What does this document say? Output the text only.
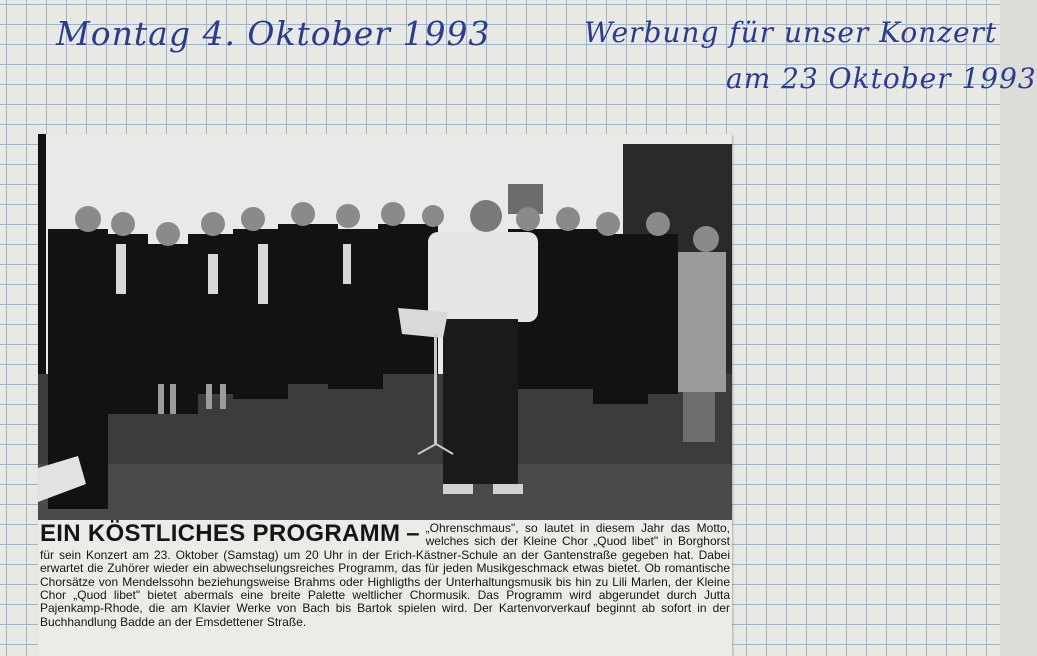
Montag 4. Oktober 1993	Werbung für unser Konzert
am 23 Oktober 1993
EIN KÖSTLICHES PROGRAMM – „Ohrenschmaus", so lautet in diesem Jahr das Motto, welches sich der Kleine Chor „Quod libet" in Borghorst für sein Konzert am 23. Oktober (Samstag) um 20 Uhr in der Erich-Kästner-Schule an der Gantenstraße gegeben hat. Dabei erwartet die Zuhörer wieder ein abwechselungsreiches Programm, das für jeden Musikgeschmack etwas bietet. Ob romantische Chorsätze von Mendelssohn beziehungsweise Brahms oder Highligths der Unterhaltungsmusik bis hin zu Lili Marlen, der Kleine Chor „Quod libet" bietet abermals eine breite Palette weltlicher Chormusik. Das Programm wird abgerundet durch Jutta Pajenkamp-Rhode, die am Klavier Werke von Bach bis Bartok spielen wird. Der Kartenvorverkauf beginnt ab sofort in der Buchhandlung Badde an der Emsdettener Straße.
